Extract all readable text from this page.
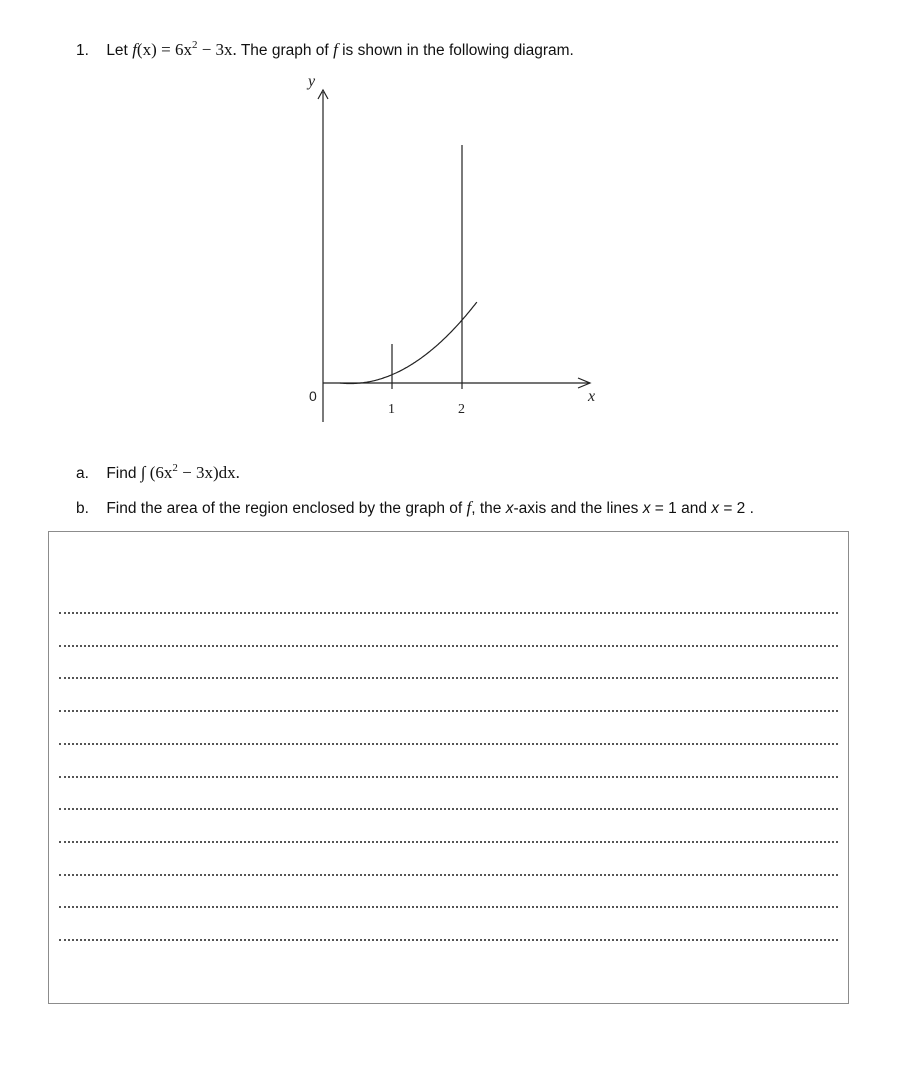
1. Let $f(x) = 6x^2 - 3x$. The graph of f is shown in the following diagram.
y
x
0
1	2
a. Find ∫ $(6x^2 - 3x)dx$.
b. Find the area of the region enclosed by the graph of f, the x-axis and the lines x = 1 and x = 2 .
